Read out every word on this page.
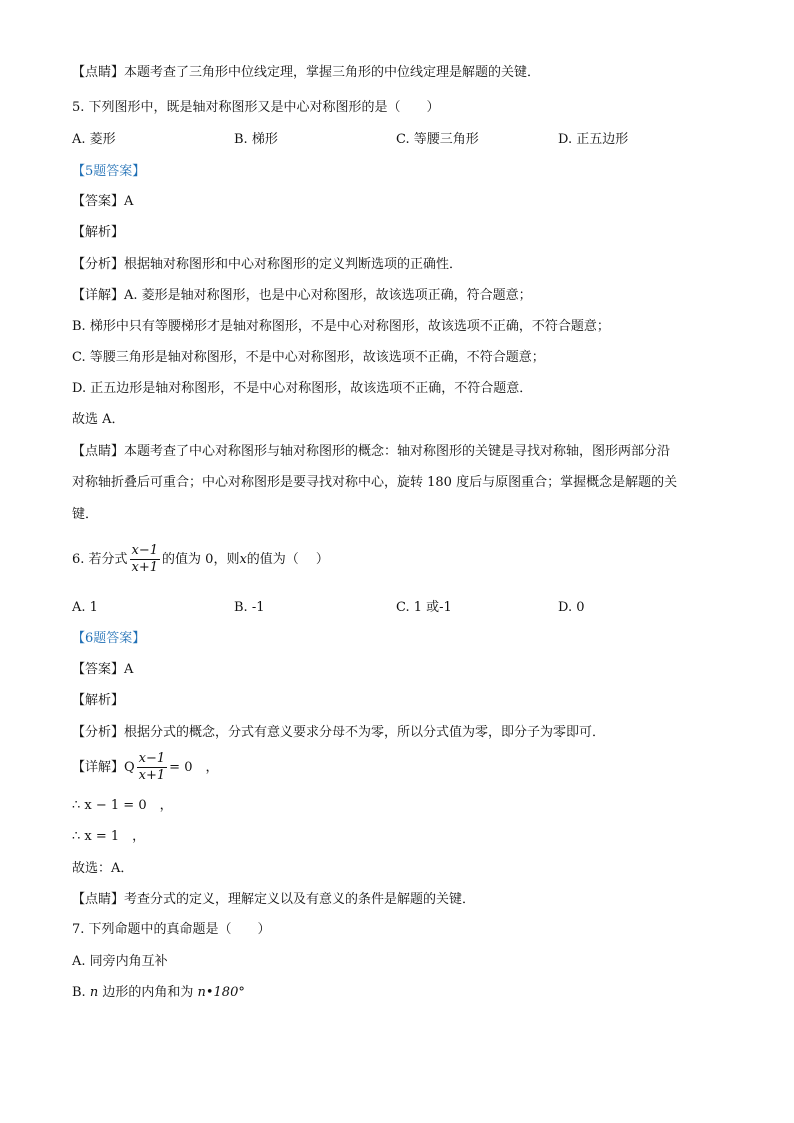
【点睛】本题考查了三角形中位线定理，掌握三角形的中位线定理是解题的关键．
5. 下列图形中，既是轴对称图形又是中心对称图形的是（　　）
A. 菱形	B. 梯形	C. 等腰三角形	D. 正五边形
【5题答案】
【答案】A
【解析】
【分析】根据轴对称图形和中心对称图形的定义判断选项的正确性．
【详解】A. 菱形是轴对称图形，也是中心对称图形，故该选项正确，符合题意；
B. 梯形中只有等腰梯形才是轴对称图形，不是中心对称图形，故该选项不正确，不符合题意；
C. 等腰三角形是轴对称图形，不是中心对称图形，故该选项不正确，不符合题意；
D. 正五边形是轴对称图形，不是中心对称图形，故该选项不正确，不符合题意．
故选 A．
【点睛】本题考查了中心对称图形与轴对称图形的概念：轴对称图形的关键是寻找对称轴，图形两部分沿
对称轴折叠后可重合；中心对称图形是要寻找对称中心，旋转 180 度后与原图重合；掌握概念是解题的关
键．
6. 若分式 $\frac{x-1}{x+1}$ 的值为 0，则x的值为（　 ）
A. 1	B. -1	C. 1 或-1	D. 0
【6题答案】
【答案】A
【解析】
【分析】根据分式的概念，分式有意义要求分母不为零，所以分式值为零，即分子为零即可．
【详解】Q $\frac{x-1}{x+1} = 0$　，
∴ x − 1 = 0　，
∴ x = 1　，
故选：A．
【点睛】考查分式的定义，理解定义以及有意义的条件是解题的关键．
7. 下列命题中的真命题是（　　）
A. 同旁内角互补
B. n 边形的内角和为 n•180°
